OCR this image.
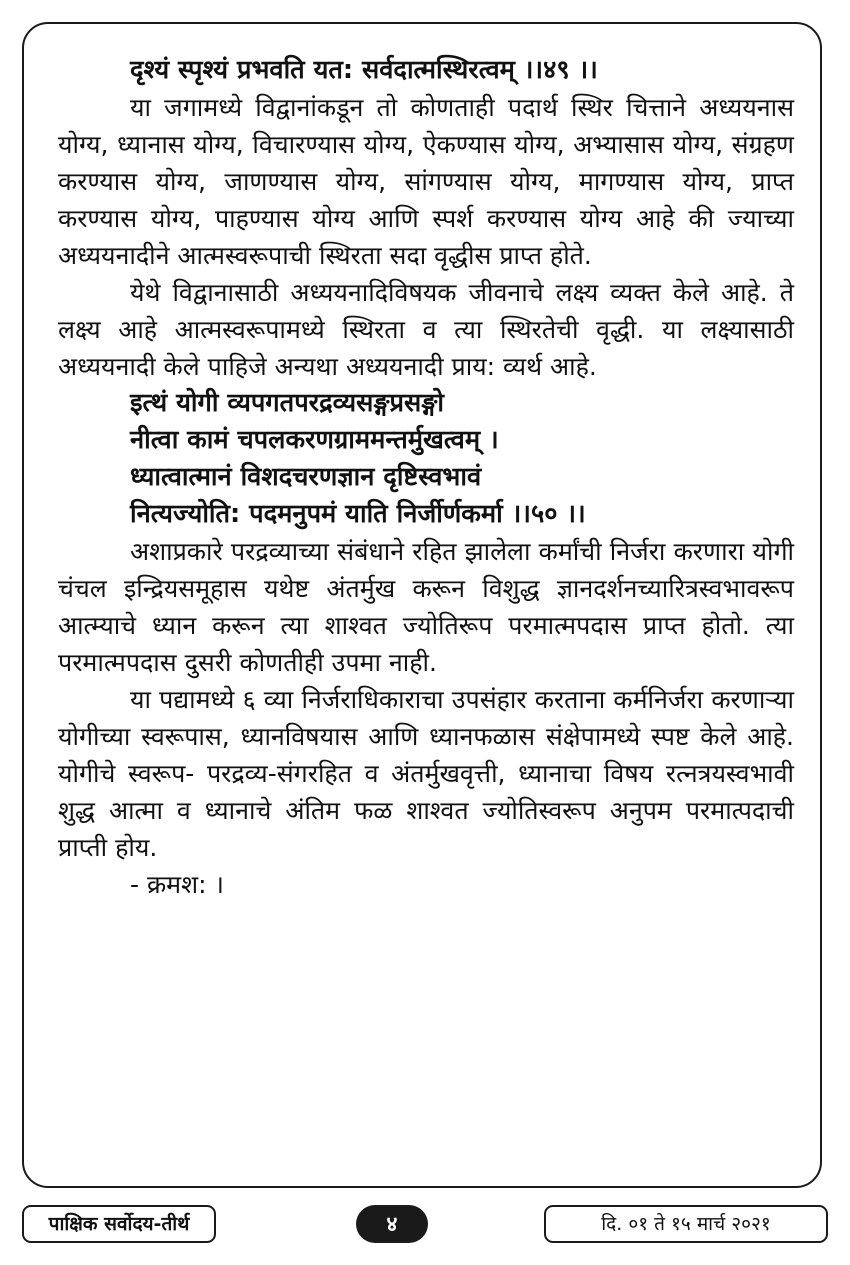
दृश्यं स्पृश्यं प्रभवति यत: सर्वदात्मस्थिरत्वम् ।।४९ ।।

या जगामध्ये विद्वानांकडून तो कोणताही पदार्थ स्थिर चित्ताने अध्ययनास योग्य, ध्यानास योग्य, विचारण्यास योग्य, ऐकण्यास योग्य, अभ्यासास योग्य, संग्रहण करण्यास योग्य, जाणण्यास योग्य, सांगण्यास योग्य, मागण्यास योग्य, प्राप्त करण्यास योग्य, पाहण्यास योग्य आणि स्पर्श करण्यास योग्य आहे की ज्याच्या अध्ययनादीने आत्मस्वरूपाची स्थिरता सदा वृद्धीस प्राप्त होते.

येथे विद्वानासाठी अध्ययनादिविषयक जीवनाचे लक्ष्य व्यक्त केले आहे. ते लक्ष्य आहे आत्मस्वरूपामध्ये स्थिरता व त्या स्थिरतेची वृद्धी. या लक्ष्यासाठी अध्ययनादी केले पाहिजे अन्यथा अध्ययनादी प्राय: व्यर्थ आहे.

इत्थं योगी व्यपगतपरद्रव्यसङ्गप्रसङ्गो
नीत्वा कामं चपलकरणग्राममन्तर्मुखत्वम् ।
ध्यात्वात्मानं विशदचरणज्ञान दृष्टिस्वभावं
नित्यज्योति: पदमनुपमं याति निर्जीर्णकर्मा ।।५० ।।

अशाप्रकारे परद्रव्याच्या संबंधाने रहित झालेला कर्मांची निर्जरा करणारा योगी चंचल इन्द्रियसमूहास यथेष्ट अंतर्मुख करून विशुद्ध ज्ञानदर्शनच्यारित्रस्वभावरूप आत्म्याचे ध्यान करून त्या शाश्वत ज्योतिरूप परमात्मपदास प्राप्त होतो. त्या परमात्मपदास दुसरी कोणतीही उपमा नाही.

या पद्यामध्ये ६ व्या निर्जराधिकाराचा उपसंहार करताना कर्मनिर्जरा करणाऱ्या योगीच्या स्वरूपास, ध्यानविषयास आणि ध्यानफळास संक्षेपामध्ये स्पष्ट केले आहे. योगीचे स्वरूप- परद्रव्य-संगरहित व अंतर्मुखवृत्ती, ध्यानाचा विषय रत्नत्रयस्वभावी शुद्ध आत्मा व ध्यानाचे अंतिम फळ शाश्वत ज्योतिस्वरूप अनुपम परमात्पदाची प्राप्ती होय.

- क्रमश: ।

पाक्षिक सर्वोदय-तीर्थ	४	दि. ०१ ते १५ मार्च २०२१
